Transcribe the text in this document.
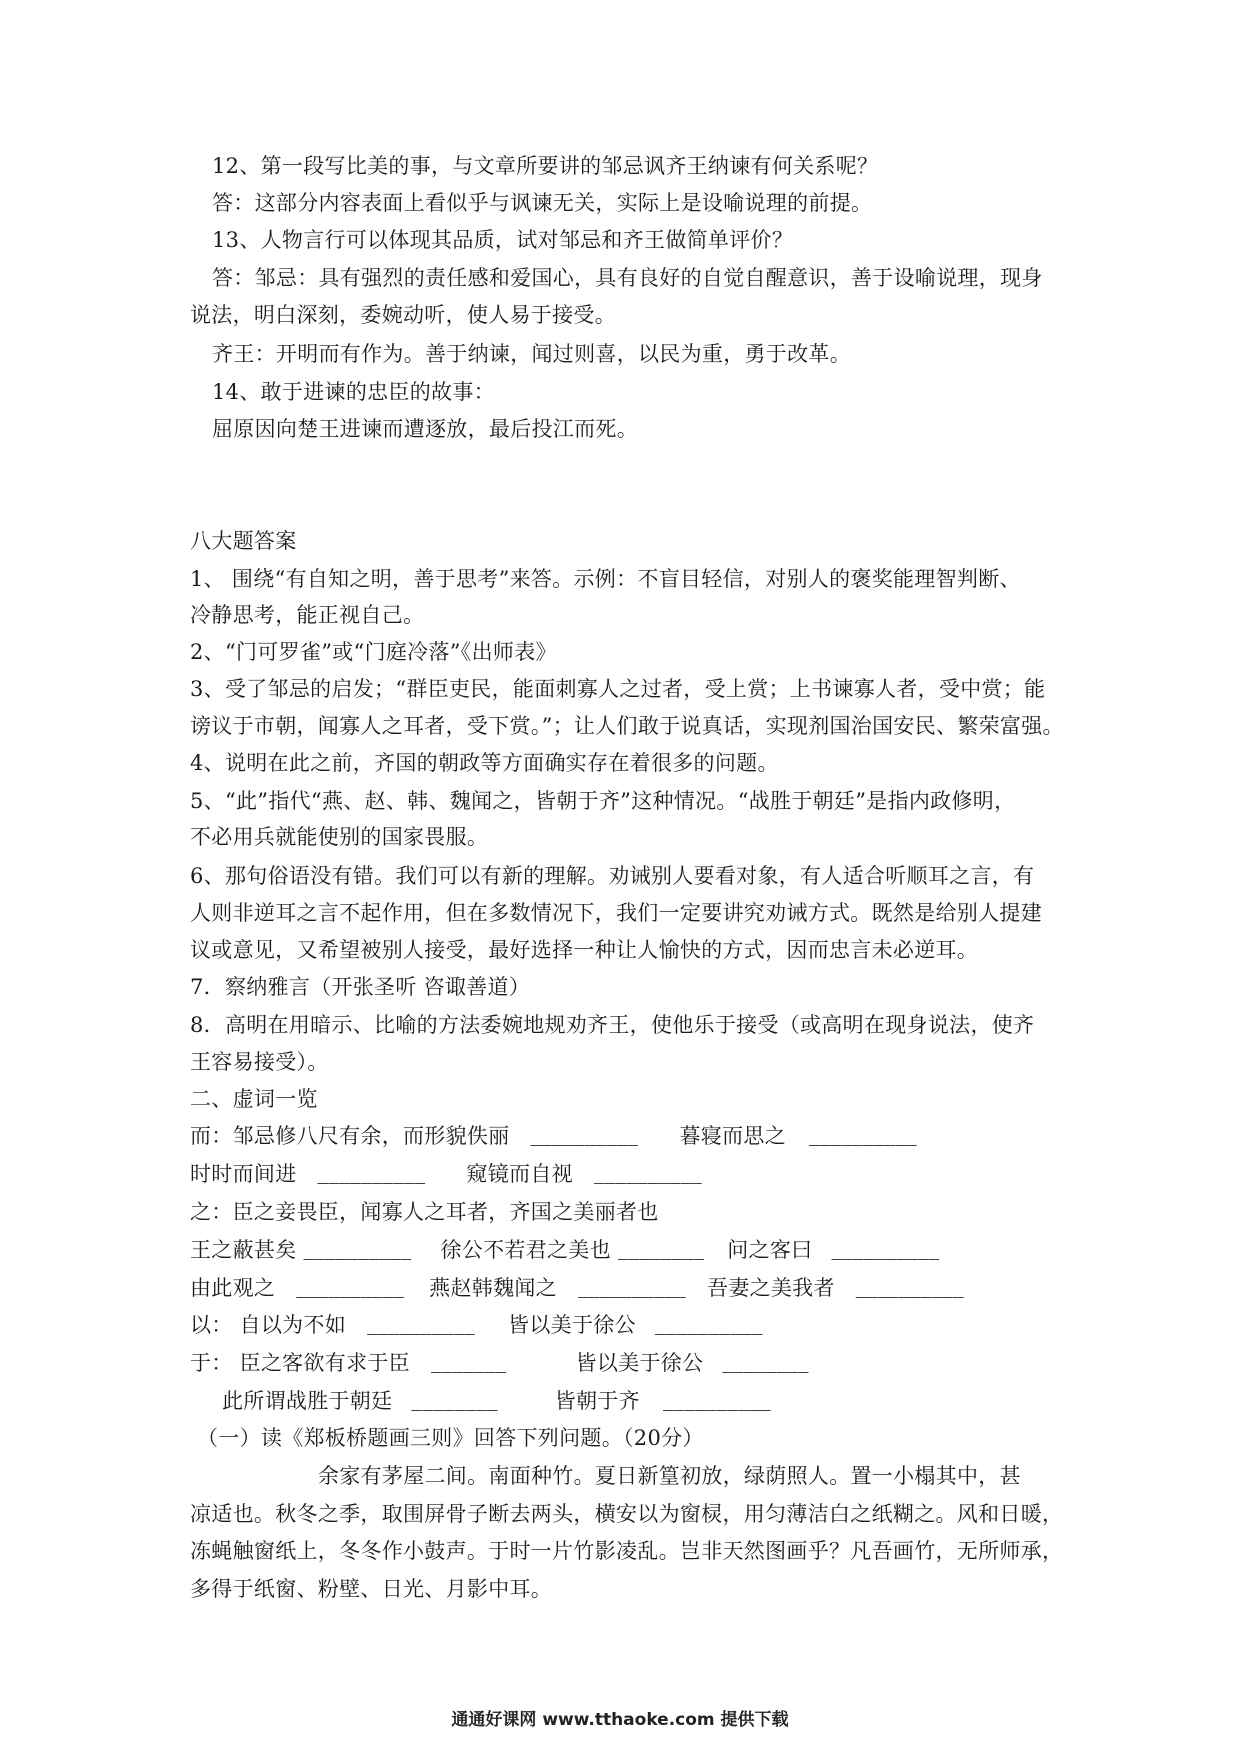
12、第一段写比美的事，与文章所要讲的邹忌讽齐王纳谏有何关系呢？
答：这部分内容表面上看似乎与讽谏无关，实际上是设喻说理的前提。
13、人物言行可以体现其品质，试对邹忌和齐王做简单评价？
答：邹忌：具有强烈的责任感和爱国心，具有良好的自觉自醒意识，善于设喻说理，现身
说法，明白深刻，委婉动听，使人易于接受。
齐王：开明而有作为。善于纳谏，闻过则喜，以民为重，勇于改革。
14、敢于进谏的忠臣的故事：
屈原因向楚王进谏而遭逐放，最后投江而死。
八大题答案
1、 围绕“有自知之明，善于思考”来答。示例：不盲目轻信，对别人的褒奖能理智判断、
冷静思考，能正视自己。
2、“门可罗雀”或“门庭冷落”《出师表》
3、受了邹忌的启发；“群臣吏民，能面刺寡人之过者，受上赏；上书谏寡人者，受中赏；能
谤议于市朝，闻寡人之耳者，受下赏。”；让人们敢于说真话，实现剂国治国安民、繁荣富强。
4、说明在此之前，齐国的朝政等方面确实存在着很多的问题。
5、“此”指代“燕、赵、韩、魏闻之，皆朝于齐”这种情况。“战胜于朝廷”是指内政修明，
不必用兵就能使别的国家畏服。
6、那句俗语没有错。我们可以有新的理解。劝诫别人要看对象，有人适合听顺耳之言，有
人则非逆耳之言不起作用，但在多数情况下，我们一定要讲究劝诫方式。既然是给别人提建
议或意见，又希望被别人接受，最好选择一种让人愉快的方式，因而忠言未必逆耳。
7．察纳雅言（开张圣听 咨诹善道）
8．高明在用暗示、比喻的方法委婉地规劝齐王，使他乐于接受（或高明在现身说法，使齐
王容易接受）。
二、虚词一览
而：邹忌修八尺有余，而形貌佚丽 __________ 暮寝而思之 __________
时时而间进 __________ 窥镜而自视 __________
之：臣之妾畏臣，闻寡人之耳者，齐国之美丽者也
王之蔽甚矣 __________ 徐公不若君之美也 ________ 问之客曰 __________
由此观之 __________ 燕赵韩魏闻之 __________ 吾妻之美我者 __________
以： 自以为不如 __________ 皆以美于徐公 __________
于： 臣之客欲有求于臣 _______	皆以美于徐公 ________
此所谓战胜于朝廷 ________	皆朝于齐 __________
（一）读《郑板桥题画三则》回答下列问题。（20分）
余家有茅屋二间。南面种竹。夏日新篁初放，绿荫照人。置一小榻其中，甚
凉适也。秋冬之季，取围屏骨子断去两头，横安以为窗棂，用匀薄洁白之纸糊之。风和日暖，
冻蝇触窗纸上，冬冬作小鼓声。于时一片竹影凌乱。岂非天然图画乎？凡吾画竹，无所师承，
多得于纸窗、粉壁、日光、月影中耳。
通通好课网 www.tthaoke.com 提供下载
